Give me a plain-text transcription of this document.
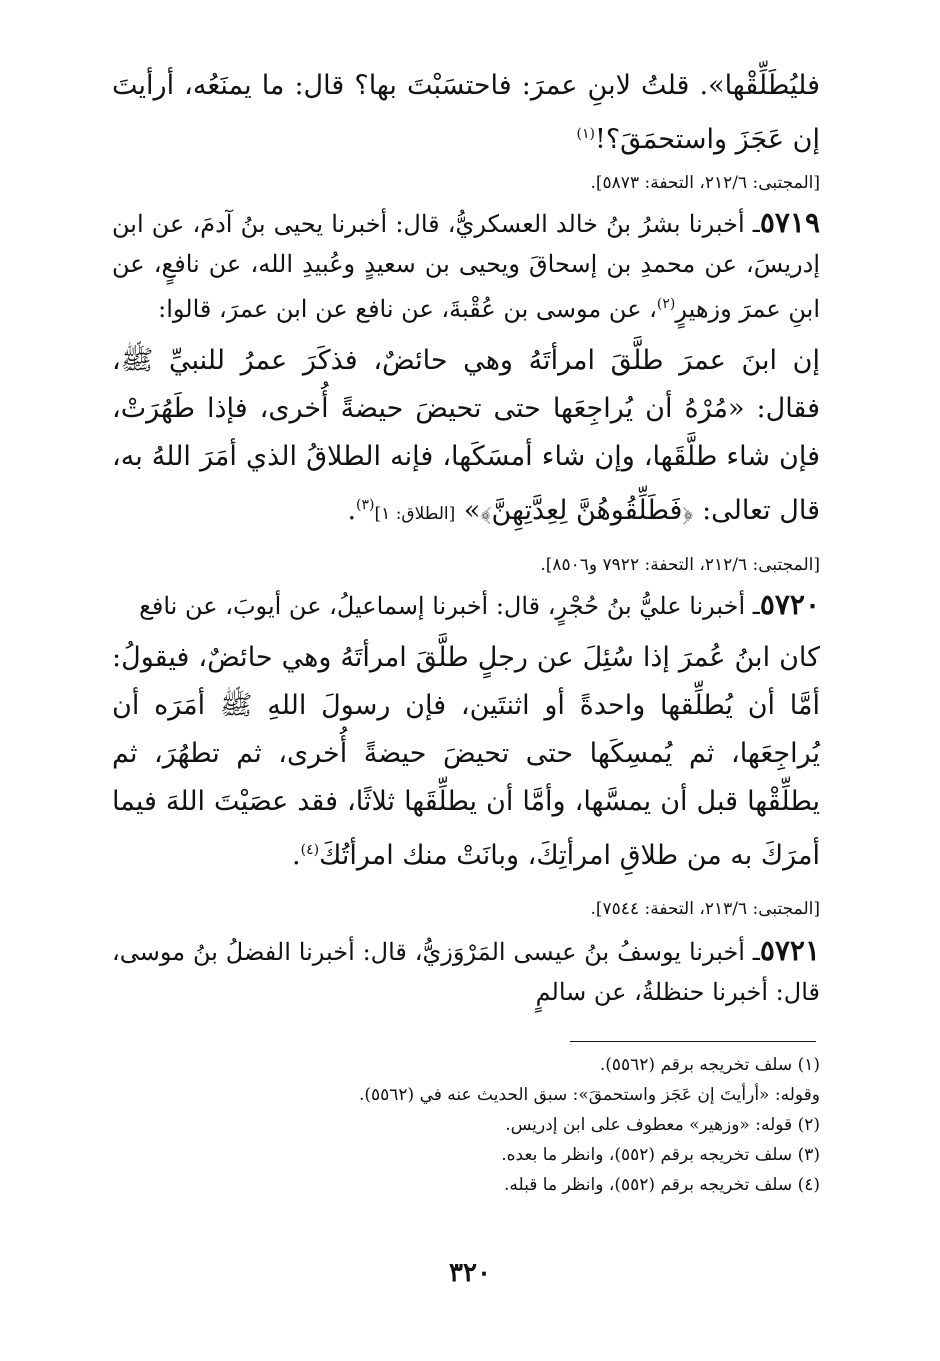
فليُطَلِّقْها». قلتُ لابنِ عمرَ: فاحتسَبْتَ بها؟ قال: ما يمنَعُه، أرأيتَ إن عَجَزَ واستحمَقَ؟!$^{(١)}$
[المجتبى: ٢١٢/٦، التحفة: ٥٨٧٣].
٥٧١٩ـ أخبرنا بشرُ بنُ خالد العسكريُّ، قال: أخبرنا يحيى بنُ آدمَ، عن ابن إدريسَ، عن محمدِ بن إسحاقَ ويحيى بن سعيدٍ وعُبيدِ الله، عن نافعٍ، عن ابنِ عمرَ وزهيرٍ$^{(٢)}$، عن موسى بن عُقْبةَ، عن نافع عن ابن عمرَ، قالوا:
إن ابنَ عمرَ طلَّقَ امرأتَهُ وهي حائضٌ، فذكَرَ عمرُ للنبيِّ ﷺ، فقال: «مُرْهُ أن يُراجِعَها حتى تحيضَ حيضةً أُخرى، فإذا طَهُرَتْ، فإن شاء طلَّقَها، وإن شاء أمسَكَها، فإنه الطلاقُ الذي أمَرَ اللهُ به، قال تعالى: ﴿فَطَلِّقُوهُنَّ لِعِدَّتِهِنَّ﴾» [الطلاق: ١]$^{(٣)}$.
[المجتبى: ٢١٢/٦، التحفة: ٧٩٢٢ و٨٥٠٦].
٥٧٢٠ـ أخبرنا عليُّ بنُ حُجْرٍ، قال: أخبرنا إسماعيلُ، عن أيوبَ، عن نافع
كان ابنُ عُمرَ إذا سُئِلَ عن رجلٍ طلَّقَ امرأتَهُ وهي حائضٌ، فيقولُ: أمَّا أن يُطلِّقها واحدةً أو اثنتَين، فإن رسولَ اللهِ ﷺ أمَرَه أن يُراجِعَها، ثم يُمسِكَها حتى تحيضَ حيضةً أُخرى، ثم تطهُرَ، ثم يطلِّقْها قبل أن يمسَّها، وأمَّا أن يطلِّقَها ثلاثًا، فقد عصَيْتَ اللهَ فيما أمرَكَ به من طلاقِ امرأتِكَ، وبانَتْ منك امرأتُكَ$^{(٤)}$.
[المجتبى: ٢١٣/٦، التحفة: ٧٥٤٤].
٥٧٢١ـ أخبرنا يوسفُ بنُ عيسى المَرْوَزيُّ، قال: أخبرنا الفضلُ بنُ موسى، قال: أخبرنا حنظلةُ، عن سالمٍ
(١) سلف تخريجه برقم (٥٥٦٢).
وقوله: «أرأيتَ إن عَجَز واستحمقَ»: سبق الحديث عنه في (٥٥٦٢).
(٢) قوله: «وزهير» معطوف على ابن إدريس.
(٣) سلف تخريجه برقم (٥٥٢)، وانظر ما بعده.
(٤) سلف تخريجه برقم (٥٥٢)، وانظر ما قبله.
٣٢٠
